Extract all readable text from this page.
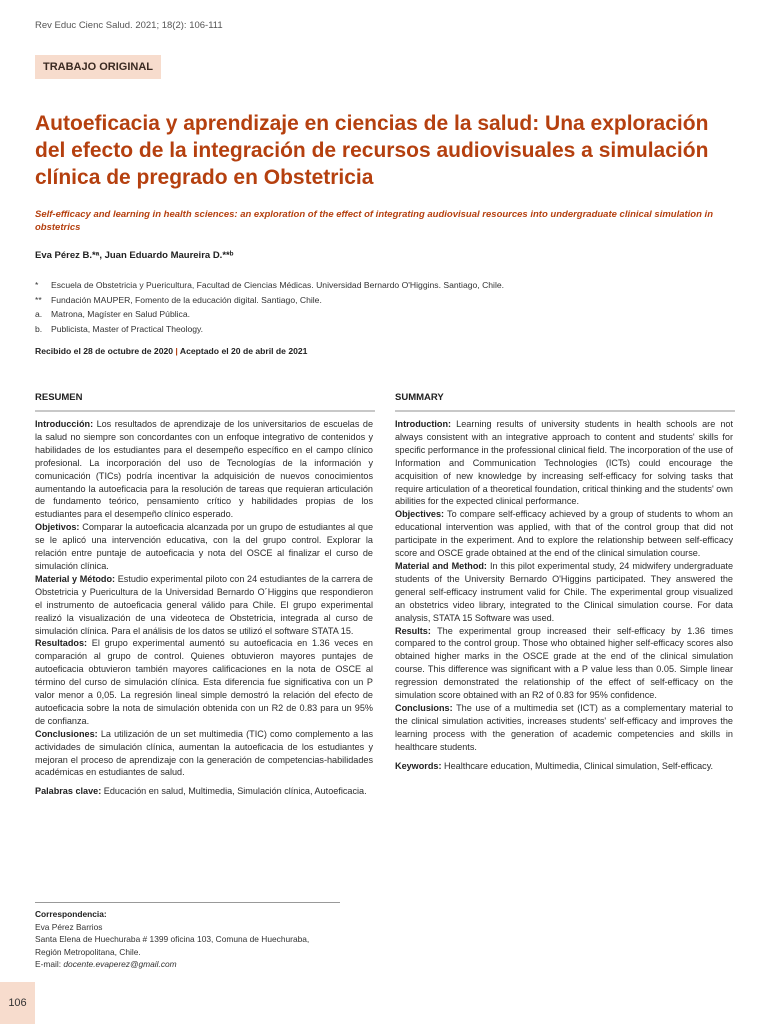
Rev Educ Cienc Salud. 2021; 18(2): 106-111
TRABAJO ORIGINAL
Autoeficacia y aprendizaje en ciencias de la salud: Una exploración del efecto de la integración de recursos audiovisuales a simulación clínica de pregrado en Obstetricia

Self-efficacy and learning in health sciences: an exploration of the effect of integrating audiovisual resources into undergraduate clinical simulation in obstetrics

Eva Pérez B.*ᵃ, Juan Eduardo Maureira D.**ᵇ
*	Escuela de Obstetricia y Puericultura, Facultad de Ciencias Médicas. Universidad Bernardo O'Higgins. Santiago, Chile.
**	Fundación MAUPER, Fomento de la educación digital. Santiago, Chile.
a.	Matrona, Magíster en Salud Pública.
b.	Publicista, Master of Practical Theology.
Recibido el 28 de octubre de 2020 | Aceptado el 20 de abril de 2021
RESUMEN	SUMMARY

Introducción: Los resultados de aprendizaje de los universitarios de escuelas de la salud no siempre son concordantes con un enfoque integrativo de contenidos y habilidades de los estudiantes para el desempeño específico en el campo clínico profesional. La incorporación del uso de Tecnologías de la información y comunicación (TICs) podría incentivar la adquisición de nuevos conocimientos aumentando la autoeficacia para la resolución de tareas que requieran articulación de fundamento teórico, pensamiento crítico y habilidades propias de los estudiantes para el desempeño clínico esperado.

Objetivos: Comparar la autoeficacia alcanzada por un grupo de estudiantes al que se le aplicó una intervención educativa, con la del grupo control. Explorar la relación entre puntaje de autoeficacia y nota del OSCE al finalizar el curso de simulación clínica.

Material y Método: Estudio experimental piloto con 24 estudiantes de la carrera de Obstetricia y Puericultura de la Universidad Bernardo O´Higgins que respondieron el instrumento de autoeficacia general válido para Chile. El grupo experimental realizó la visualización de una videoteca de Obstetricia, integrada al curso de simulación clínica. Para el análisis de los datos se utilizó el software STATA 15.

Resultados: El grupo experimental aumentó su autoeficacia en 1.36 veces en comparación al grupo de control. Quienes obtuvieron mayores puntajes de autoeficacia obtuvieron también mayores calificaciones en la nota de OSCE al término del curso de simulación clínica. Esta diferencia fue significativa con un P valor menor a 0,05. La regresión lineal simple demostró la relación del efecto de autoeficacia sobre la nota de simulación obtenida con un R2 de 0.83 para un 95% de confianza.

Conclusiones: La utilización de un set multimedia (TIC) como complemento a las actividades de simulación clínica, aumentan la autoeficacia de los estudiantes y mejoran el proceso de aprendizaje con la generación de competencias-habilidades académicas en estudiantes de salud.

Palabras clave: Educación en salud, Multimedia, Simulación clínica, Autoeficacia.

Introduction: Learning results of university students in health schools are not always consistent with an integrative approach to content and students' skills for specific performance in the professional clinical field. The incorporation of the use of Information and Communication Technologies (ICTs) could encourage the acquisition of new knowledge by increasing self-efficacy for solving tasks that require articulation of a theoretical foundation, critical thinking and the students' own abilities for the expected clinical performance.

Objectives: To compare self-efficacy achieved by a group of students to whom an educational intervention was applied, with that of the control group that did not participate in the experiment. And to explore the relationship between self-efficacy score and OSCE grade obtained at the end of the clinical simulation course.

Material and Method: In this pilot experimental study, 24 midwifery undergraduate students of the University Bernardo O'Higgins participated. They answered the general self-efficacy instrument valid for Chile. The experimental group visualized an obstetrics video library, integrated to the Clinical simulation course. For data analysis, STATA 15 Software was used.

Results: The experimental group increased their self-efficacy by 1.36 times compared to the control group. Those who obtained higher self-efficacy scores also obtained higher marks in the OSCE grade at the end of the clinical simulation course. This difference was significant with a P value less than 0.05. Simple linear regression demonstrated the relationship of the effect of self-efficacy on the simulation score obtained with an R2 of 0.83 for 95% confidence.

Conclusions: The use of a multimedia set (ICT) as a complementary material to the clinical simulation activities, increases students' self-efficacy and improves the learning process with the generation of academic competencies and skills in healthcare students.

Keywords: Healthcare education, Multimedia, Clinical simulation, Self-efficacy.

Correspondencia:
Eva Pérez Barrios
Santa Elena de Huechuraba # 1399 oficina 103, Comuna de Huechuraba,
Región Metropolitana, Chile.
E-mail: docente.evaperez@gmail.com
106
